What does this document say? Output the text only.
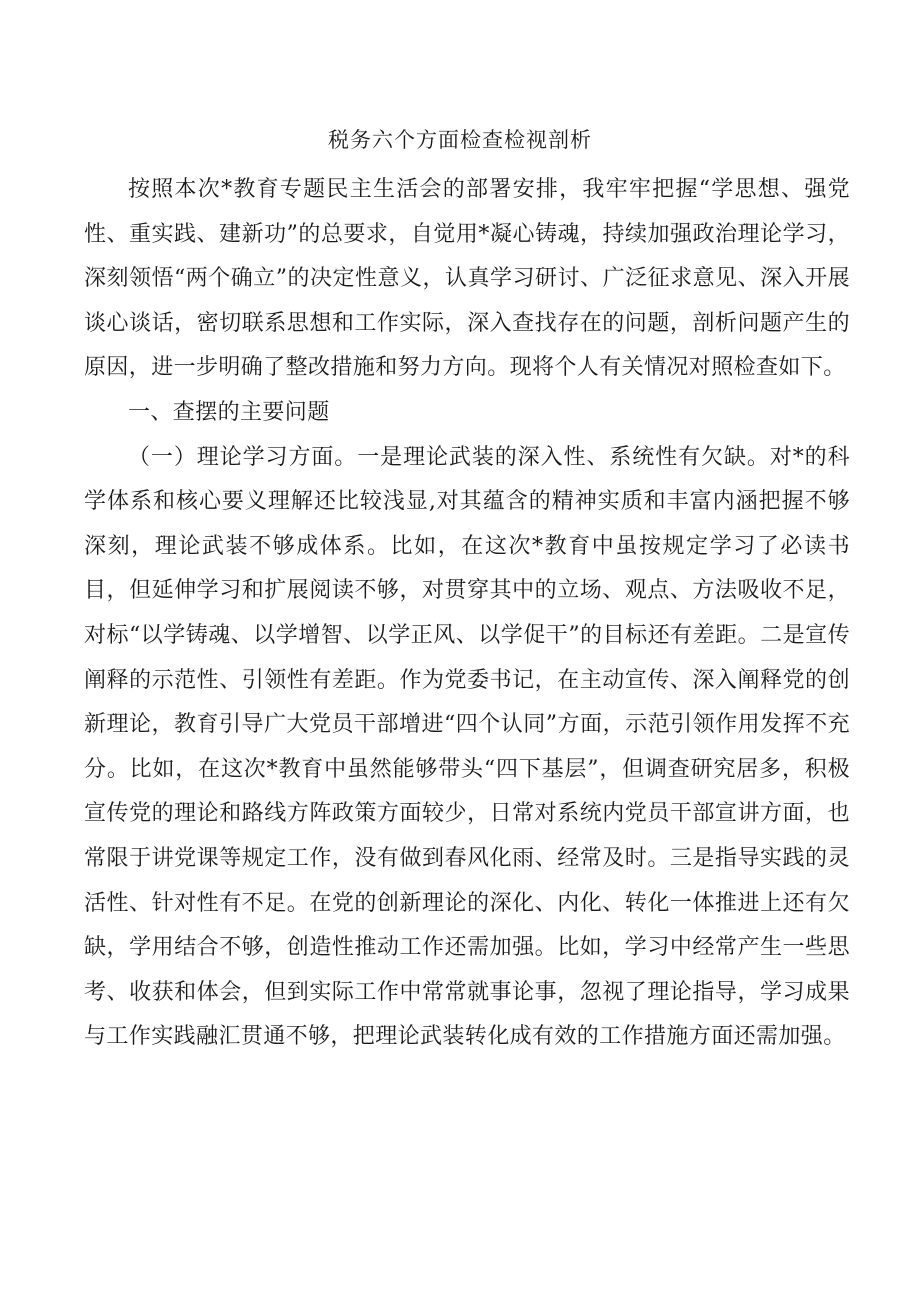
税务六个方面检查检视剖析

按照本次*教育专题民主生活会的部署安排，我牢牢把握“学思想、强党性、重实践、建新功”的总要求，自觉用*凝心铸魂，持续加强政治理论学习，深刻领悟“两个确立”的决定性意义，认真学习研讨、广泛征求意见、深入开展谈心谈话，密切联系思想和工作实际，深入查找存在的问题，剖析问题产生的原因，进一步明确了整改措施和努力方向。现将个人有关情况对照检查如下。

一、查摆的主要问题

（一）理论学习方面。一是理论武装的深入性、系统性有欠缺。对*的科学体系和核心要义理解还比较浅显,对其蕴含的精神实质和丰富内涵把握不够深刻，理论武装不够成体系。比如，在这次*教育中虽按规定学习了必读书目，但延伸学习和扩展阅读不够，对贯穿其中的立场、观点、方法吸收不足，对标“以学铸魂、以学增智、以学正风、以学促干”的目标还有差距。二是宣传阐释的示范性、引领性有差距。作为党委书记，在主动宣传、深入阐释党的创新理论，教育引导广大党员干部增进“四个认同”方面，示范引领作用发挥不充分。比如，在这次*教育中虽然能够带头“四下基层”，但调查研究居多，积极宣传党的理论和路线方阵政策方面较少，日常对系统内党员干部宣讲方面，也常限于讲党课等规定工作，没有做到春风化雨、经常及时。三是指导实践的灵活性、针对性有不足。在党的创新理论的深化、内化、转化一体推进上还有欠缺，学用结合不够，创造性推动工作还需加强。比如，学习中经常产生一些思考、收获和体会，但到实际工作中常常就事论事，忽视了理论指导，学习成果与工作实践融汇贯通不够，把理论武装转化成有效的工作措施方面还需加强。
